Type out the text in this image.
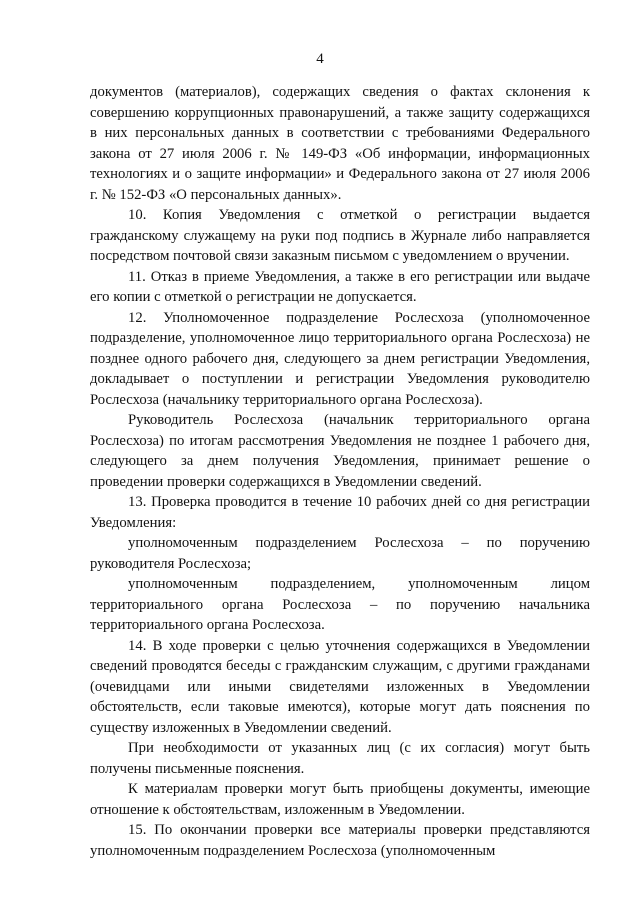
4

документов (материалов), содержащих сведения о фактах склонения к совершению коррупционных правонарушений, а также защиту содержащихся в них персональных данных в соответствии с требованиями Федерального закона от 27 июля 2006 г. № 149-ФЗ «Об информации, информационных технологиях и о защите информации» и Федерального закона от 27 июля 2006 г. № 152-ФЗ «О персональных данных».

10. Копия Уведомления с отметкой о регистрации выдается гражданскому служащему на руки под подпись в Журнале либо направляется посредством почтовой связи заказным письмом с уведомлением о вручении.

11. Отказ в приеме Уведомления, а также в его регистрации или выдаче его копии с отметкой о регистрации не допускается.

12. Уполномоченное подразделение Рослесхоза (уполномоченное подразделение, уполномоченное лицо территориального органа Рослесхоза) не позднее одного рабочего дня, следующего за днем регистрации Уведомления, докладывает о поступлении и регистрации Уведомления руководителю Рослесхоза (начальнику территориального органа Рослесхоза).

Руководитель Рослесхоза (начальник территориального органа Рослесхоза) по итогам рассмотрения Уведомления не позднее 1 рабочего дня, следующего за днем получения Уведомления, принимает решение о проведении проверки содержащихся в Уведомлении сведений.

13. Проверка проводится в течение 10 рабочих дней со дня регистрации Уведомления:

уполномоченным подразделением Рослесхоза – по поручению руководителя Рослесхоза;

уполномоченным подразделением, уполномоченным лицом территориального органа Рослесхоза – по поручению начальника территориального органа Рослесхоза.

14. В ходе проверки с целью уточнения содержащихся в Уведомлении сведений проводятся беседы с гражданским служащим, с другими гражданами (очевидцами или иными свидетелями изложенных в Уведомлении обстоятельств, если таковые имеются), которые могут дать пояснения по существу изложенных в Уведомлении сведений.

При необходимости от указанных лиц (с их согласия) могут быть получены письменные пояснения.

К материалам проверки могут быть приобщены документы, имеющие отношение к обстоятельствам, изложенным в Уведомлении.

15. По окончании проверки все материалы проверки представляются уполномоченным подразделением Рослесхоза (уполномоченным
